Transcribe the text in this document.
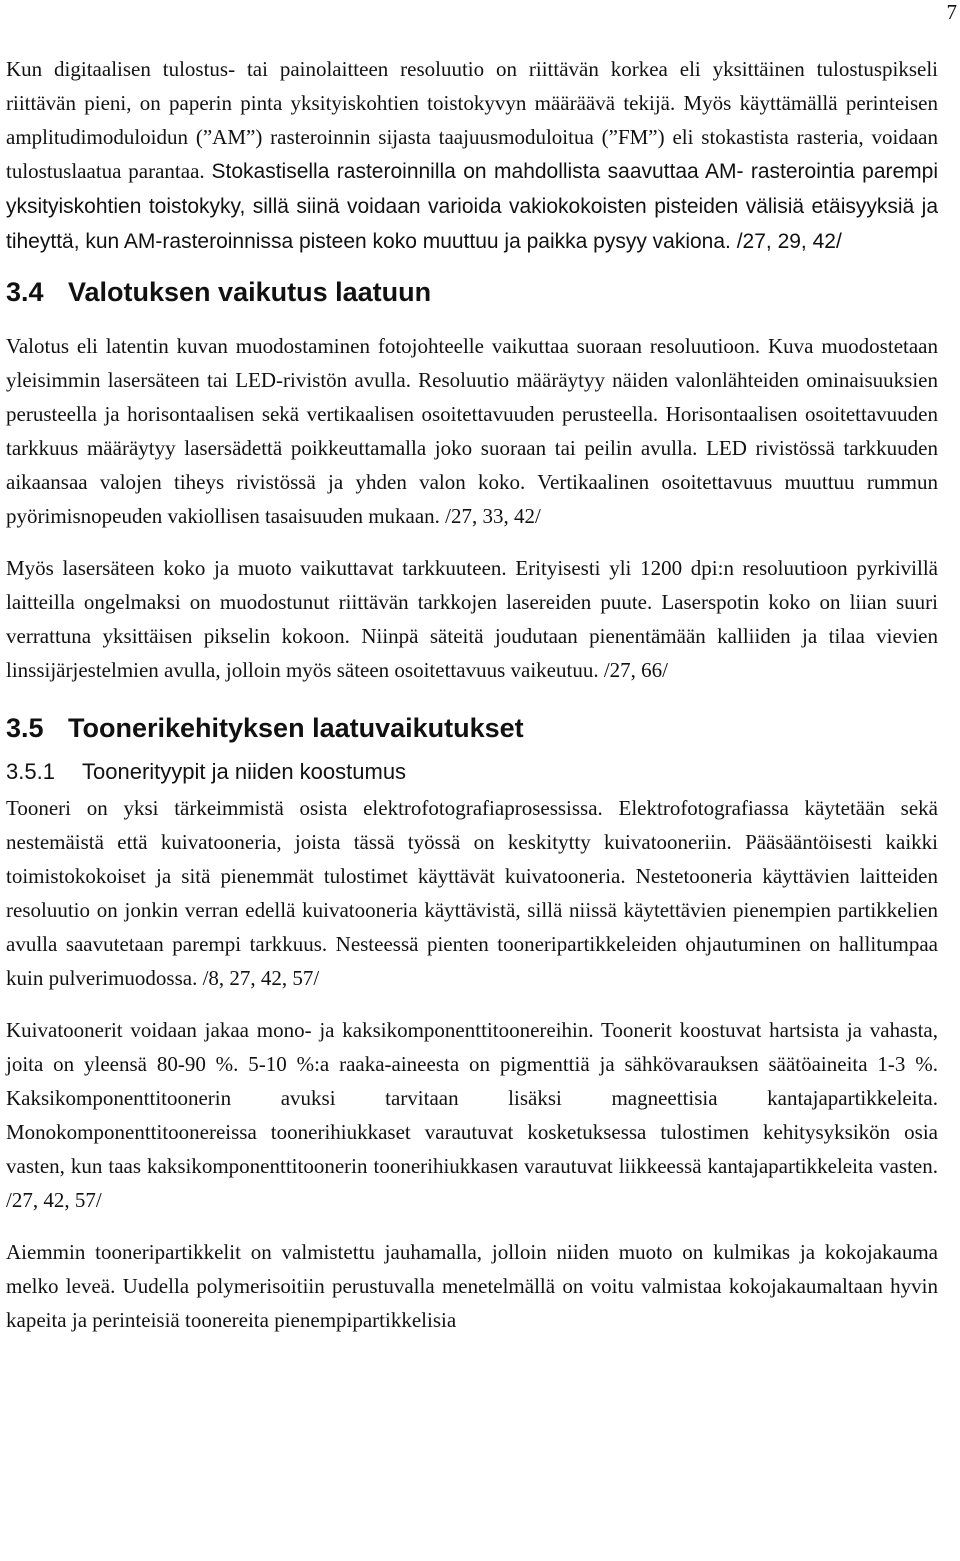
7

Kun digitaalisen tulostus- tai painolaitteen resoluutio on riittävän korkea eli yksittäinen tulostuspikseli riittävän pieni, on paperin pinta yksityiskohtien toistokyvyn määräävä tekijä. Myös käyttämällä perinteisen amplitudimoduloidun (”AM”) rasteroinnin sijasta taajuusmoduloitua (”FM”) eli stokastista rasteria, voidaan tulostuslaatua parantaa. Stokastisella rasteroinnilla on mahdollista saavuttaa AM- rasterointia parempi yksityiskohtien toistokyky, sillä siinä voidaan varioida vakiokokoisten pisteiden välisiä etäisyyksiä ja tiheyttä, kun AM-rasteroinnissa pisteen koko muuttuu ja paikka pysyy vakiona. /27, 29, 42/

3.4 Valotuksen vaikutus laatuun

Valotus eli latentin kuvan muodostaminen fotojohteelle vaikuttaa suoraan resoluutioon. Kuva muodostetaan yleisimmin lasersäteen tai LED-rivistön avulla. Resoluutio määräytyy näiden valonlähteiden ominaisuuksien perusteella ja horisontaalisen sekä vertikaalisen osoitettavuuden perusteella. Horisontaalisen osoitettavuuden tarkkuus määräytyy lasersädettä poikkeuttamalla joko suoraan tai peilin avulla. LED rivistössä tarkkuuden aikaansaa valojen tiheys rivistössä ja yhden valon koko. Vertikaalinen osoitettavuus muuttuu rummun pyörimisnopeuden vakiollisen tasaisuuden mukaan. /27, 33, 42/

Myös lasersäteen koko ja muoto vaikuttavat tarkkuuteen. Erityisesti yli 1200 dpi:n resoluutioon pyrkivillä laitteilla ongelmaksi on muodostunut riittävän tarkkojen lasereiden puute. Laserspotin koko on liian suuri verrattuna yksittäisen pikselin kokoon. Niinpä säteitä joudutaan pienentämään kalliiden ja tilaa vievien linssijärjestelmien avulla, jolloin myös säteen osoitettavuus vaikeutuu. /27, 66/

3.5 Toonerikehityksen laatuvaikutukset
3.5.1 Toonerityypit ja niiden koostumus

Tooneri on yksi tärkeimmistä osista elektrofotografiaprosessissa. Elektrofotografiassa käytetään sekä nestemäistä että kuivatooneria, joista tässä työssä on keskitytty kuivatooneriin. Pääsääntöisesti kaikki toimistokokoiset ja sitä pienemmät tulostimet käyttävät kuivatooneria. Nestetooneria käyttävien laitteiden resoluutio on jonkin verran edellä kuivatooneria käyttävistä, sillä niissä käytettävien pienempien partikkelien avulla saavutetaan parempi tarkkuus. Nesteessä pienten tooneripartikkeleiden ohjautuminen on hallitumpaa kuin pulverimuodossa. /8, 27, 42, 57/

Kuivatoonerit voidaan jakaa mono- ja kaksikomponenttitoonereihin. Toonerit koostuvat hartsista ja vahasta, joita on yleensä 80-90 %. 5-10 %:a raaka-aineesta on pigmenttiä ja sähkövarauksen säätöaineita 1-3 %. Kaksikomponenttitoonerin avuksi tarvitaan lisäksi magneettisia kantajapartikkeleita. Monokomponenttitoonereissa toonerihiukkaset varautuvat kosketuksessa tulostimen kehitysyksikön osia vasten, kun taas kaksikomponenttitoonerin toonerihiukkasen varautuvat liikkeessä kantajapartikkeleita vasten. /27, 42, 57/

Aiemmin tooneripartikkelit on valmistettu jauhamalla, jolloin niiden muoto on kulmikas ja kokojakauma melko leveä. Uudella polymerisoitiin perustuvalla menetelmällä on voitu valmistaa kokojakaumaltaan hyvin kapeita ja perinteisiä toonereita pienempipartikkelisia
